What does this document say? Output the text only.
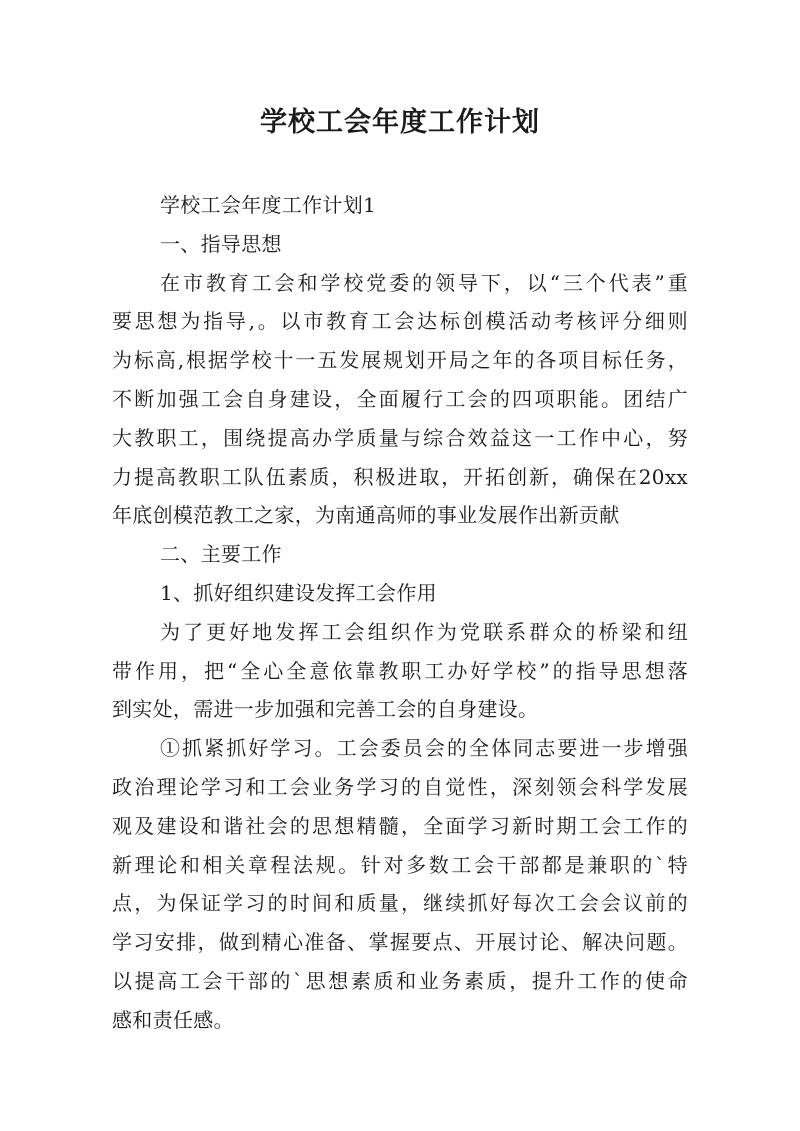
学校工会年度工作计划
学校工会年度工作计划1
一、指导思想
在市教育工会和学校党委的领导下，以“三个代表”重
要思想为指导,。以市教育工会达标创模活动考核评分细则
为标高,根据学校十一五发展规划开局之年的各项目标任务，
不断加强工会自身建设，全面履行工会的四项职能。团结广
大教职工，围绕提高办学质量与综合效益这一工作中心，努
力提高教职工队伍素质，积极进取，开拓创新，确保在20xx
年底创模范教工之家，为南通高师的事业发展作出新贡献
二、主要工作
1、抓好组织建设发挥工会作用
为了更好地发挥工会组织作为党联系群众的桥梁和纽
带作用，把“全心全意依靠教职工办好学校”的指导思想落
到实处，需进一步加强和完善工会的自身建设。
①抓紧抓好学习。工会委员会的全体同志要进一步增强
政治理论学习和工会业务学习的自觉性，深刻领会科学发展
观及建设和谐社会的思想精髓，全面学习新时期工会工作的
新理论和相关章程法规。针对多数工会干部都是兼职的`特
点，为保证学习的时间和质量，继续抓好每次工会会议前的
学习安排，做到精心准备、掌握要点、开展讨论、解决问题。
以提高工会干部的`思想素质和业务素质，提升工作的使命
感和责任感。
